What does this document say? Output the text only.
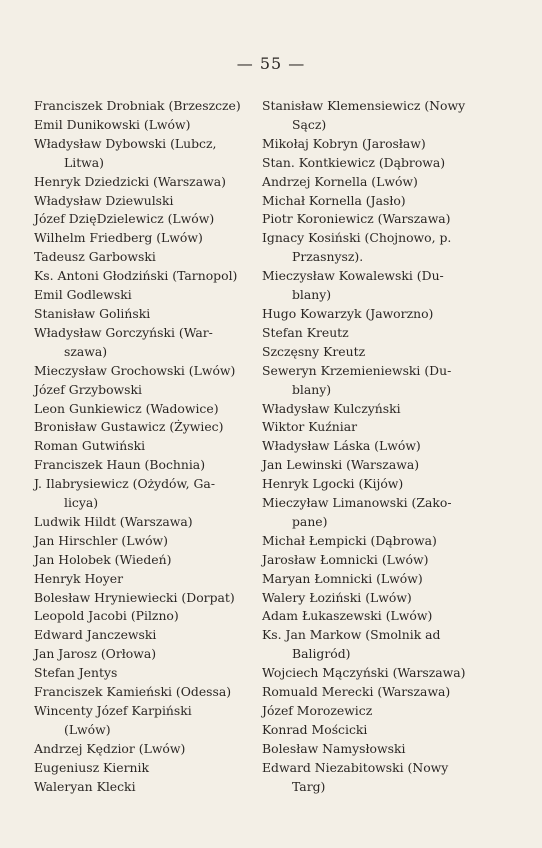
— 55 —
Franciszek Drobniak (Brzeszcze)
Emil Dunikowski (Lwów)
Władysław Dybowski (Lubcz,
Litwa)
Henryk Dziedzicki (Warszawa)
Władysław Dziewulski
Józef DzięDzielewicz (Lwów)
Wilhelm Friedberg (Lwów)
Tadeusz Garbowski
Ks. Antoni Głodziński (Tarnopol)
Emil Godlewski
Stanisław Goliński
Władysław Gorczyński (War-
szawa)
Mieczysław Grochowski (Lwów)
Józef Grzybowski
Leon Gunkiewicz (Wadowice)
Bronisław Gustawicz (Żywiec)
Roman Gutwiński
Franciszek Haun (Bochnia)
J. Ilabrysiewicz (Ożydów, Ga-
licya)
Ludwik Hildt (Warszawa)
Jan Hirschler (Lwów)
Jan Holobek (Wiedeń)
Henryk Hoyer
Bolesław Hryniewiecki (Dorpat)
Leopold Jacobi (Pilzno)
Edward Janczewski
Jan Jarosz (Orłowa)
Stefan Jentys
Franciszek Kamieński (Odessa)
Wincenty Józef Karpiński
(Lwów)
Andrzej Kędzior (Lwów)
Eugeniusz Kiernik
Waleryan Klecki
Stanisław Klemensiewicz (Nowy
Sącz)
Mikołaj Kobryn (Jarosław)
Stan. Kontkiewicz (Dąbrowa)
Andrzej Kornella (Lwów)
Michał Kornella (Jasło)
Piotr Koroniewicz (Warszawa)
Ignacy Kosiński (Chojnowo, p.
Przasnysz).
Mieczysław Kowalewski (Du-
blany)
Hugo Kowarzyk (Jaworzno)
Stefan Kreutz
Szczęsny Kreutz
Seweryn Krzemieniewski (Du-
blany)
Władysław Kulczyński
Wiktor Kuźniar
Władysław Láska (Lwów)
Jan Lewinski (Warszawa)
Henryk Lgocki (Kijów)
Mieczyław Limanowski (Zako-
pane)
Michał Łempicki (Dąbrowa)
Jarosław Łomnicki (Lwów)
Maryan Łomnicki (Lwów)
Walery Łoziński (Lwów)
Adam Łukaszewski (Lwów)
Ks. Jan Markow (Smolnik ad
Baligród)
Wojciech Mączyński (Warszawa)
Romuald Merecki (Warszawa)
Józef Morozewicz
Konrad Mościcki
Bolesław Namysłowski
Edward Niezabitowski (Nowy
Targ)
